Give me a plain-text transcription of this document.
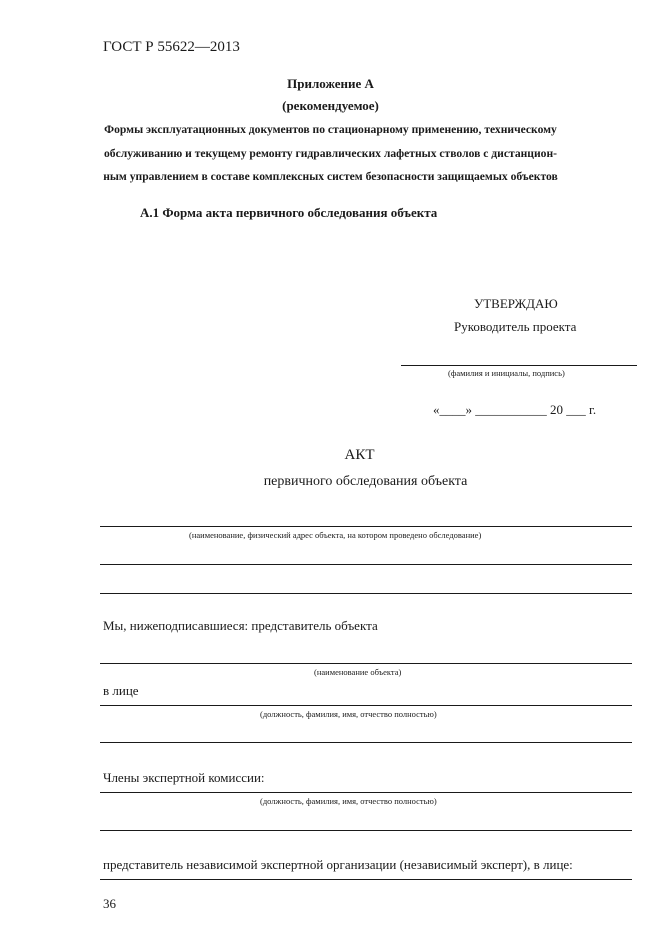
ГОСТ Р 55622—2013
Приложение А
(рекомендуемое)
Формы эксплуатационных документов по стационарному применению, техническому
обслуживанию и текущему ремонту гидравлических лафетных стволов с дистанцион-
ным управлением в составе комплексных систем безопасности защищаемых объектов
А.1 Форма акта первичного обследования объекта
УТВЕРЖДАЮ
Руководитель проекта
(фамилия и инициалы, подпись)
«____» ___________ 20 ___ г.
АКТ
первичного обследования объекта
(наименование, физический адрес объекта, на котором проведено обследование)
Мы, нижеподписавшиеся: представитель объекта
(наименование объекта)
в лице
(должность, фамилия, имя, отчество полностью)
Члены экспертной комиссии:
(должность, фамилия, имя, отчество полностью)
представитель независимой экспертной организации (независимый эксперт), в лице:
36
